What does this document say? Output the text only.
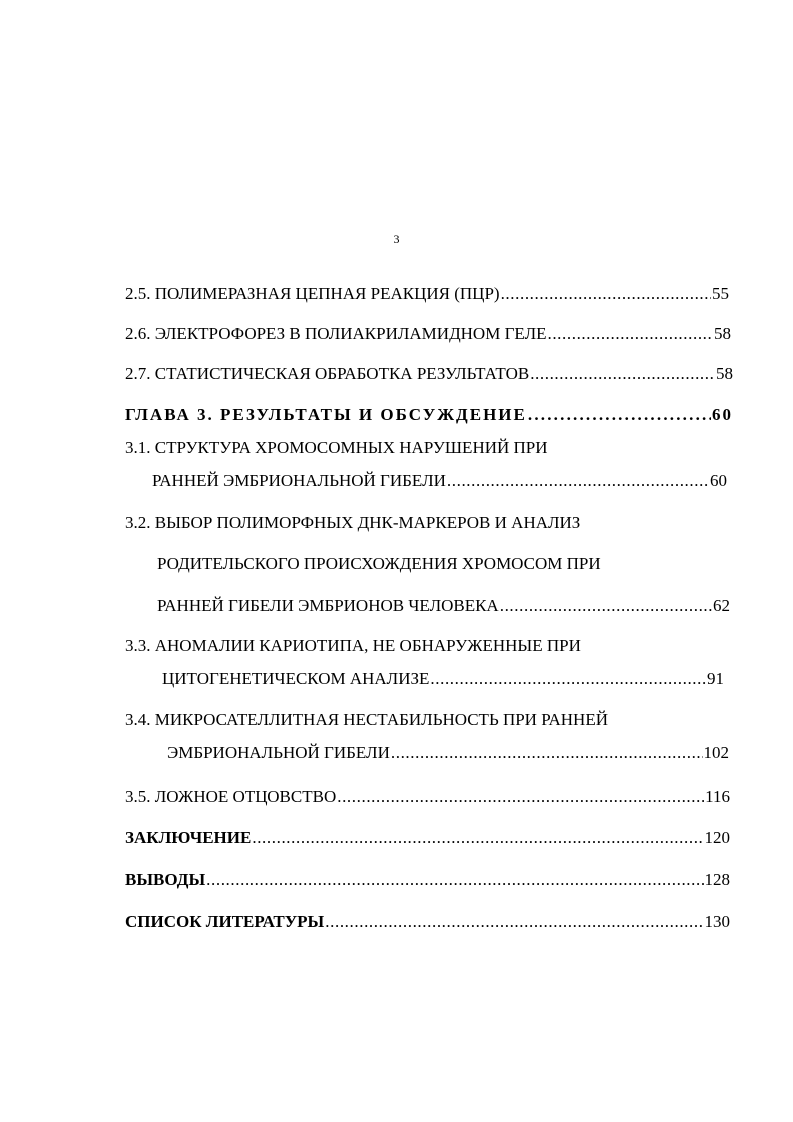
3
2.5. ПОЛИМЕРАЗНАЯ ЦЕПНАЯ РЕАКЦИЯ (ПЦР) .....	55
2.6. ЭЛЕКТРОФОРЕЗ В ПОЛИАКРИЛАМИДНОМ ГЕЛЕ .....	58
2.7. СТАТИСТИЧЕСКАЯ ОБРАБОТКА РЕЗУЛЬТАТОВ .....	58
ГЛАВА 3. РЕЗУЛЬТАТЫ И ОБСУЖДЕНИЕ .....	60
3.1. СТРУКТУРА ХРОМОСОМНЫХ НАРУШЕНИЙ ПРИ
РАННЕЙ ЭМБРИОНАЛЬНОЙ ГИБЕЛИ .....	60
3.2. ВЫБОР ПОЛИМОРФНЫХ ДНК-МАРКЕРОВ И АНАЛИЗ
РОДИТЕЛЬСКОГО ПРОИСХОЖДЕНИЯ ХРОМОСОМ ПРИ
РАННЕЙ ГИБЕЛИ ЭМБРИОНОВ ЧЕЛОВЕКА .....	62
3.3. АНОМАЛИИ КАРИОТИПА, НЕ ОБНАРУЖЕННЫЕ ПРИ
ЦИТОГЕНЕТИЧЕСКОМ АНАЛИЗЕ .....	91
3.4. МИКРОСАТЕЛЛИТНАЯ НЕСТАБИЛЬНОСТЬ ПРИ РАННЕЙ
ЭМБРИОНАЛЬНОЙ ГИБЕЛИ .....	102
3.5. ЛОЖНОЕ ОТЦОВСТВО .....	116
ЗАКЛЮЧЕНИЕ .....	120
ВЫВОДЫ .....	128
СПИСОК ЛИТЕРАТУРЫ .....	130
